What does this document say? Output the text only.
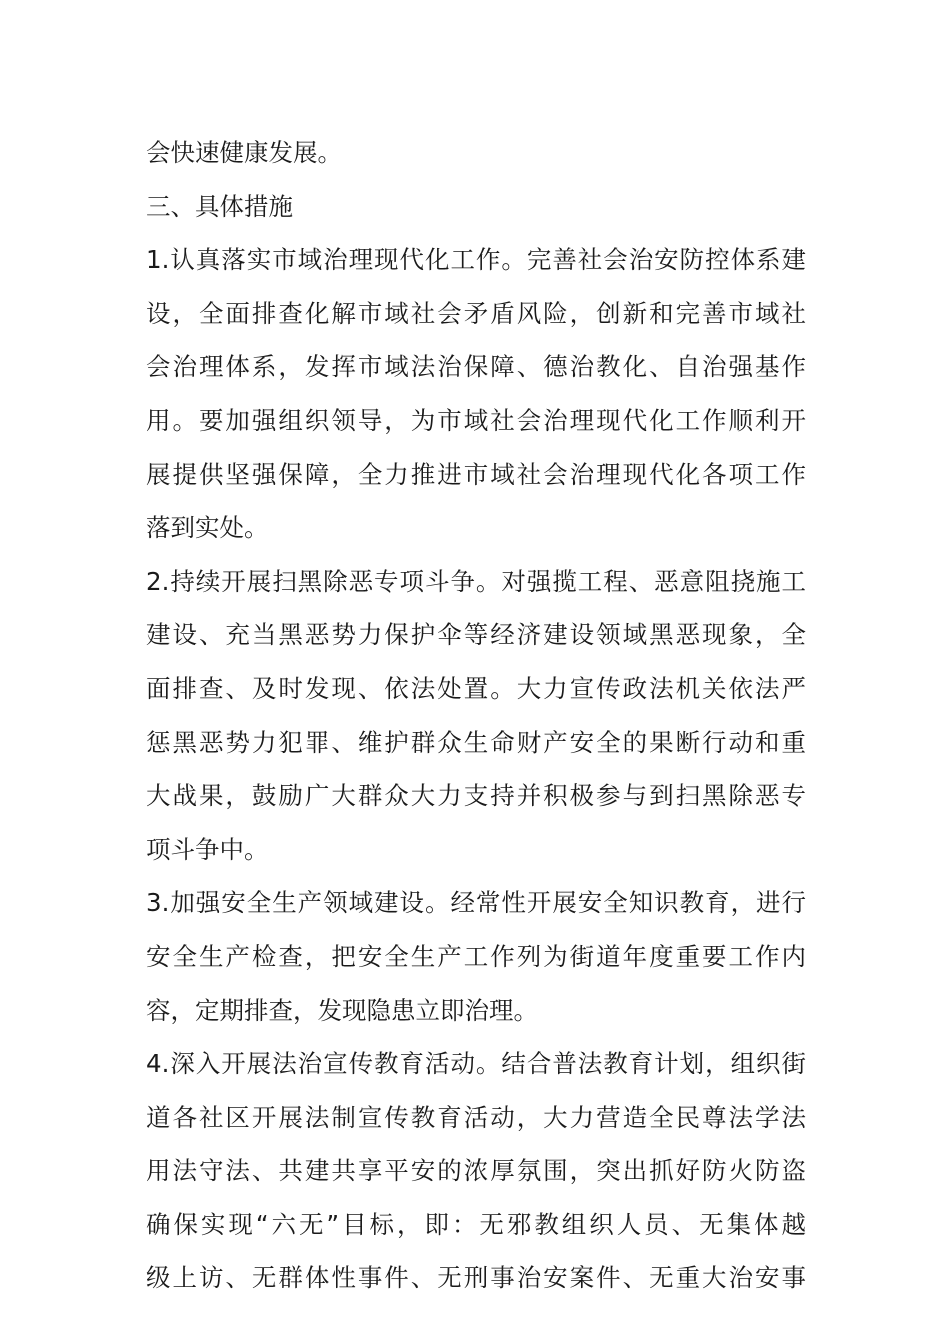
会快速健康发展。
三、具体措施
1.认真落实市域治理现代化工作。完善社会治安防控体系建
设，全面排查化解市域社会矛盾风险，创新和完善市域社
会治理体系，发挥市域法治保障、德治教化、自治强基作
用。要加强组织领导，为市域社会治理现代化工作顺利开
展提供坚强保障，全力推进市域社会治理现代化各项工作
落到实处。
2.持续开展扫黑除恶专项斗争。对强揽工程、恶意阻挠施工
建设、充当黑恶势力保护伞等经济建设领域黑恶现象，全
面排查、及时发现、依法处置。大力宣传政法机关依法严
惩黑恶势力犯罪、维护群众生命财产安全的果断行动和重
大战果，鼓励广大群众大力支持并积极参与到扫黑除恶专
项斗争中。
3.加强安全生产领域建设。经常性开展安全知识教育，进行
安全生产检查，把安全生产工作列为街道年度重要工作内
容，定期排查，发现隐患立即治理。
4.深入开展法治宣传教育活动。结合普法教育计划，组织街
道各社区开展法制宣传教育活动，大力营造全民尊法学法
用法守法、共建共享平安的浓厚氛围，突出抓好防火防盗
确保实现“六无”目标，即：无邪教组织人员、无集体越
级上访、无群体性事件、无刑事治安案件、无重大治安事
